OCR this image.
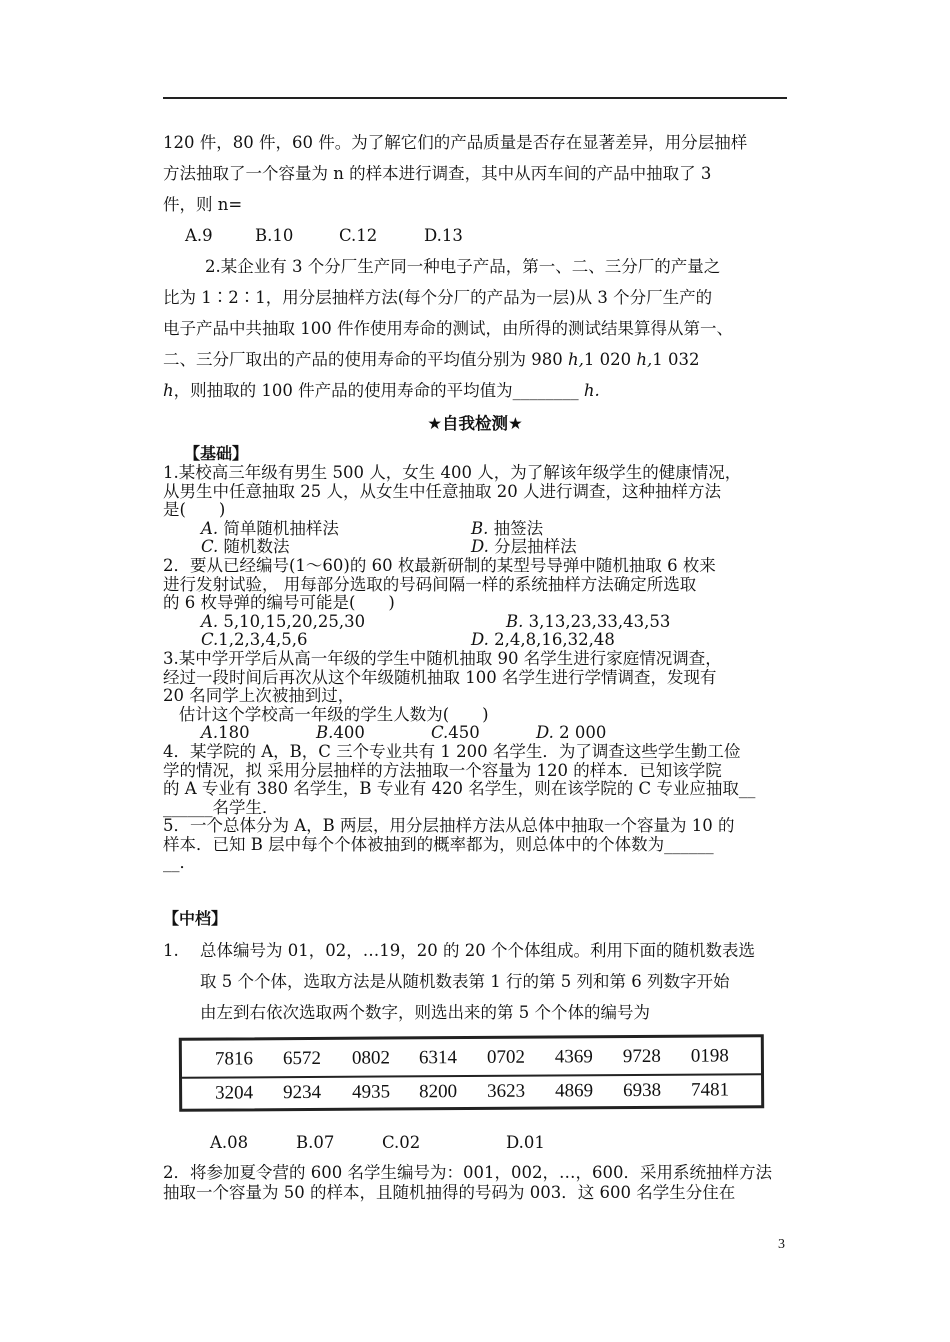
120 件，80 件，60 件。为了解它们的产品质量是否存在显著差异，用分层抽样
方法抽取了一个容量为 n 的样本进行调查，其中从丙车间的产品中抽取了 3
件，则 n=
A.9	B.10	C.12	D.13
2.某企业有 3 个分厂生产同一种电子产品，第一、二、三分厂的产量之
比为 1∶2∶1，用分层抽样方法(每个分厂的产品为一层)从 3 个分厂生产的
电子产品中共抽取 100 件作使用寿命的测试，由所得的测试结果算得从第一、
二、三分厂取出的产品的使用寿命的平均值分别为 980 h,1 020 h,1 032
h，则抽取的 100 件产品的使用寿命的平均值为________ h.
★自我检测★
【基础】
1.某校高三年级有男生 500 人，女生 400 人，为了解该年级学生的健康情况，
从男生中任意抽取 25 人，从女生中任意抽取 20 人进行调查，这种抽样方法
是(　　)
A. 简单随机抽样法	B. 抽签法
C. 随机数法	D. 分层抽样法
2．要从已经编号(1～60)的 60 枚最新研制的某型号导弹中随机抽取 6 枚来
进行发射试验， 用每部分选取的号码间隔一样的系统抽样方法确定所选取
的 6 枚导弹的编号可能是(　　)
A. 5,10,15,20,25,30	B. 3,13,23,33,43,53
C.1,2,3,4,5,6	D. 2,4,8,16,32,48
3.某中学开学后从高一年级的学生中随机抽取 90 名学生进行家庭情况调查，
经过一段时间后再次从这个年级随机抽取 100 名学生进行学情调查，发现有
20 名同学上次被抽到过，
估计这个学校高一年级的学生人数为(　　)
A.180	B.400	C.450	D. 2 000
4．某学院的 A，B，C 三个专业共有 1 200 名学生．为了调查这些学生勤工俭
学的情况，拟 采用分层抽样的方法抽取一个容量为 120 的样本．已知该学院
的 A 专业有 380 名学生，B 专业有 420 名学生，则在该学院的 C 专业应抽取__
______名学生．
5．一个总体分为 A，B 两层，用分层抽样方法从总体中抽取一个容量为 10 的
样本．已知 B 层中每个个体被抽到的概率都为，则总体中的个体数为______
__．
【中档】
1. 总体编号为 01，02，…19，20 的 20 个个体组成。利用下面的随机数表选
取 5 个个体，选取方法是从随机数表第 1 行的第 5 列和第 6 列数字开始
由左到右依次选取两个数字，则选出来的第 5 个个体的编号为
7816	6572	0802	6314	0702	4369	9728	0198
3204	9234	4935	8200	3623	4869	6938	7481
A.08	B.07	C.02	D.01
2．将参加夏令营的 600 名学生编号为：001，002，…，600．采用系统抽样方法
抽取一个容量为 50 的样本，且随机抽得的号码为 003．这 600 名学生分住在
3
